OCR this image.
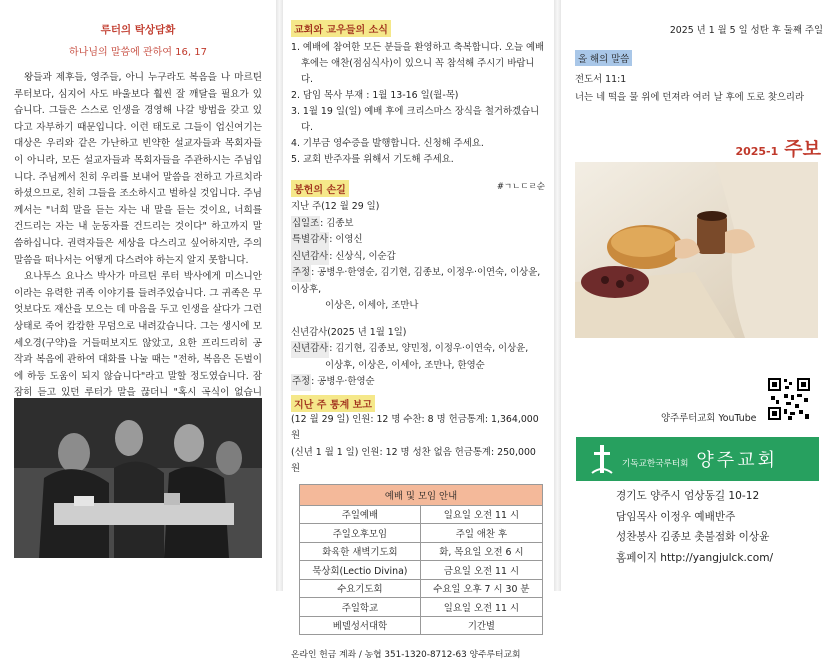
루터의 탁상담화
하나님의 말씀에 관하여 16, 17

왕들과 제후들, 영주들, 아니 누구라도 복음을 나 마르틴 루터보다, 심지어 사도 바울보다 훨씬 잘 깨달을 필요가 있습니다. 그들은 스스로 인생을 경영해 나갈 방법을 갖고 있다고 자부하기 때문입니다. 이런 태도로 그들이 업신여기는 대상은 우리와 같은 가난하고 빈약한 설교자들과 목회자들이 아니라, 모든 설교자들과 목회자들을 주관하시는 주님입니다. 주님께서 친히 우리를 보내어 말씀을 전하고 가르치라 하셨으므로, 친히 그들을 조소하시고 벌하실 것입니다. 주님께서는 "너희 말을 듣는 자는 내 말을 듣는 것이요, 너희를 건드리는 자는 내 눈동자를 건드리는 것이다" 하고까지 말씀하십니다. 권력자들은 세상을 다스리고 싶어하지만, 주의 말씀을 떠나서는 어떻게 다스려야 하는지 알지 못합니다.

요나투스 요나스 박사가 마르틴 루터 박사에게 미스니안이라는 유력한 귀족 이야기를 들려주었습니다. 그 귀족은 무엇보다도 재산을 모으는 데 마음을 두고 인생을 살다가 그런 상태로 죽어 캄캄한 무덤으로 내려갔습니다. 그는 생시에 모세오경(구약)을 거들떠보지도 않았고, 요한 프리드리히 공작과 복음에 관하여 대화를 나눌 때는 "전하, 복음은 돈벌이에 하등 도움이 되지 않습니다"라고 말할 정도였습니다. 잠잠히 듣고 있던 루터가 말을 끊더니 "혹시 곡식이 없습니

교회와 교우들의 소식
1. 예배에 참여한 모든 분들을 환영하고 축복합니다. 오늘 예배 후에는 애찬(점심식사)이 있으니 꼭 참석해 주시기 바랍니다.
2. 담임 목사 부재 : 1월 13-16 일(월-목)
3. 1월 19 일(일) 예배 후에 크리스마스 장식을 철거하겠습니다.
4. 기부금 영수증을 발행합니다. 신청해 주세요.
5. 교회 반주자를 위해서 기도해 주세요.
봉헌의 손길	#ㄱㄴㄷㄹ순
지난 주(12 월 29 일)
십일조: 김종보
특별감사: 이영신
신년감사: 신상식, 이순갑
주정: 공병우·한영순, 김기현, 김종보, 이정우·이연숙, 이상윤, 이상후,
이상은, 이세아, 조만나
신년감사(2025 년 1월 1일)
신년감사: 김기현, 김종보, 양민정, 이정우·이연숙, 이상윤,
이상후, 이상은, 이세아, 조만나, 한영순
주정: 공병우·한영순
지난 주 통계 보고
(12 월 29 일) 인원: 12 명 수찬: 8 명 헌금통계: 1,364,000 원
(신년 1 월 1 일) 인원: 12 명 성찬 없음 헌금통계: 250,000 원
예배 및 모임 안내	
주일예배	일요일 오전 11 시
주일오후모임	주일 애찬 후
화육한 새벽기도회	화, 목요일 오전 6 시
묵상회(Lectio Divina)	금요일 오전 11 시
수요기도회	수요일 오후 7 시 30 분
주일학교	일요일 오전 11 시
베델성서대학	기간별
온라인 헌금 계좌 / 농협 351-1320-8712-63 양주루터교회
2025 년 1 월 5 일 성탄 후 둘째 주일
올 해의 말씀
전도서 11:1
너는 네 떡을 물 위에 던져라 여러 날 후에 도로 찾으리라
2025-1 주보
양주루터교회 YouTube
기독교한국루터회 양주교회
경기도 양주시 엄상동길 10-12
담임목사 이정우 예배반주
성찬봉사 김종보 촛불점화 이상윤
홈페이지 http://yangjulck.com/
